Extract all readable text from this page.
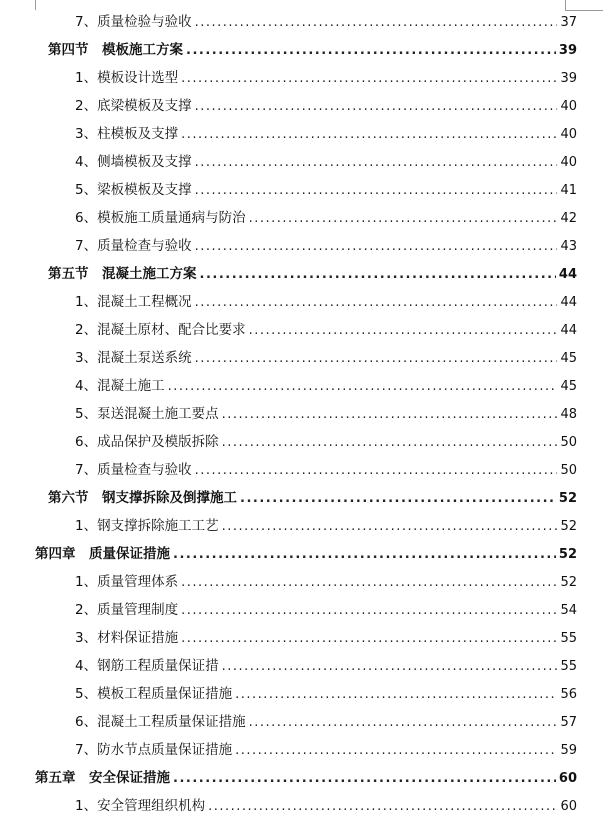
7、质量检验与验收 .....	37
第四节　模板施工方案 .....	39
1、模板设计选型 .....	39
2、底梁模板及支撑 .....	40
3、柱模板及支撑 .....	40
4、侧墙模板及支撑 .....	40
5、梁板模板及支撑 .....	41
6、模板施工质量通病与防治 .....	42
7、质量检查与验收 .....	43
第五节　混凝土施工方案 .....	44
1、混凝土工程概况 .....	44
2、混凝土原材、配合比要求 .....	44
3、混凝土泵送系统 .....	45
4、混凝土施工 .....	45
5、泵送混凝土施工要点 .....	48
6、成品保护及模版拆除 .....	50
7、质量检查与验收 .....	50
第六节　钢支撑拆除及倒撑施工 .....	52
1、钢支撑拆除施工工艺 .....	52
第四章　质量保证措施 .....	52
1、质量管理体系 .....	52
2、质量管理制度 .....	54
3、材料保证措施 .....	55
4、钢筋工程质量保证措 .....	55
5、模板工程质量保证措施 .....	56
6、混凝土工程质量保证措施 .....	57
7、防水节点质量保证措施 .....	59
第五章　安全保证措施 .....	60
1、安全管理组织机构 .....	60
